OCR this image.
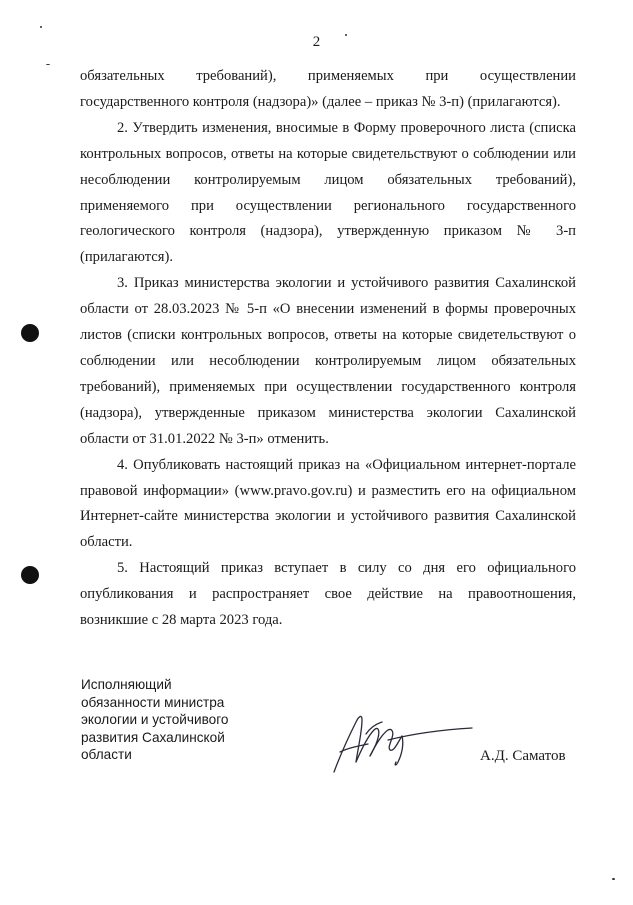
2

обязательных требований), применяемых при осуществлении государственного контроля (надзора)» (далее – приказ № 3-п) (прилагаются).

2. Утвердить изменения, вносимые в Форму проверочного листа (списка контрольных вопросов, ответы на которые свидетельствуют о соблюдении или несоблюдении контролируемым лицом обязательных требований), применяемого при осуществлении регионального государственного геологического контроля (надзора), утвержденную приказом № 3-п (прилагаются).

3. Приказ министерства экологии и устойчивого развития Сахалинской области от 28.03.2023 № 5-п «О внесении изменений в формы проверочных листов (списки контрольных вопросов, ответы на которые свидетельствуют о соблюдении или несоблюдении контролируемым лицом обязательных требований), применяемых при осуществлении государственного контроля (надзора), утвержденные приказом министерства экологии Сахалинской области от 31.01.2022 № 3-п» отменить.

4. Опубликовать настоящий приказ на «Официальном интернет-портале правовой информации» (www.pravo.gov.ru) и разместить его на официальном Интернет-сайте министерства экологии и устойчивого развития Сахалинской области.

5. Настоящий приказ вступает в силу со дня его официального опубликования и распространяет свое действие на правоотношения, возникшие с 28 марта 2023 года.

Исполняющий
обязанности министра
экологии и устойчивого
развития Сахалинской
области	А.Д. Саматов
